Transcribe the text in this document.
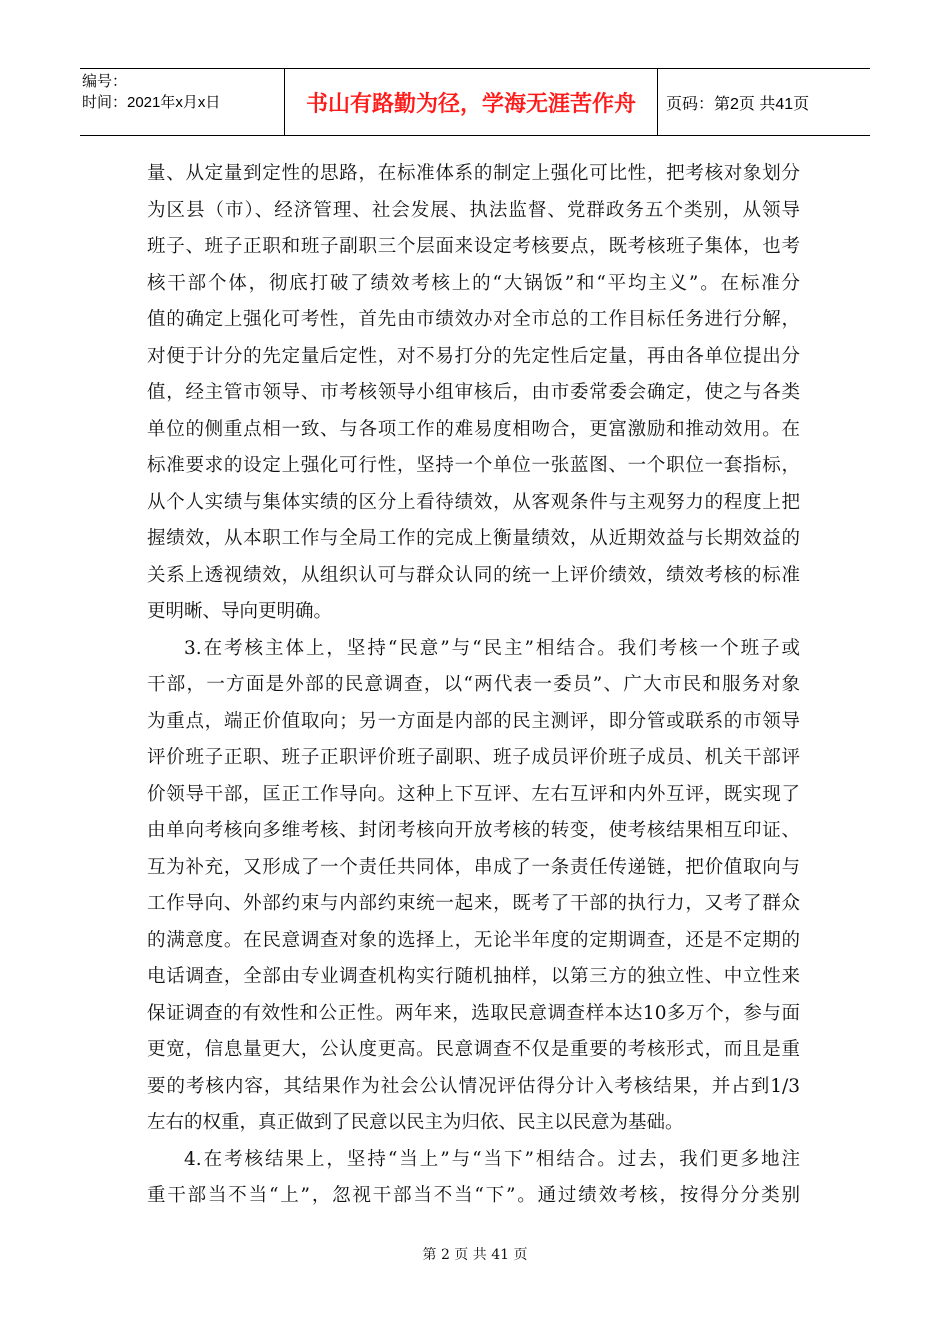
编号：
时间：2021年x月x日	书山有路勤为径，学海无涯苦作舟	页码：第2页 共41页
量、从定量到定性的思路，在标准体系的制定上强化可比性，把考核对象划分
为区县（市）、经济管理、社会发展、执法监督、党群政务五个类别，从领导
班子、班子正职和班子副职三个层面来设定考核要点，既考核班子集体，也考
核干部个体，彻底打破了绩效考核上的“大锅饭”和“平均主义”。在标准分
值的确定上强化可考性，首先由市绩效办对全市总的工作目标任务进行分解，
对便于计分的先定量后定性，对不易打分的先定性后定量，再由各单位提出分
值，经主管市领导、市考核领导小组审核后，由市委常委会确定，使之与各类
单位的侧重点相一致、与各项工作的难易度相吻合，更富激励和推动效用。在
标准要求的设定上强化可行性，坚持一个单位一张蓝图、一个职位一套指标，
从个人实绩与集体实绩的区分上看待绩效，从客观条件与主观努力的程度上把
握绩效，从本职工作与全局工作的完成上衡量绩效，从近期效益与长期效益的
关系上透视绩效，从组织认可与群众认同的统一上评价绩效，绩效考核的标准
更明晰、导向更明确。
3.在考核主体上，坚持“民意”与“民主”相结合。我们考核一个班子或
干部，一方面是外部的民意调查，以“两代表一委员”、广大市民和服务对象
为重点，端正价值取向；另一方面是内部的民主测评，即分管或联系的市领导
评价班子正职、班子正职评价班子副职、班子成员评价班子成员、机关干部评
价领导干部，匡正工作导向。这种上下互评、左右互评和内外互评，既实现了
由单向考核向多维考核、封闭考核向开放考核的转变，使考核结果相互印证、
互为补充，又形成了一个责任共同体，串成了一条责任传递链，把价值取向与
工作导向、外部约束与内部约束统一起来，既考了干部的执行力，又考了群众
的满意度。在民意调查对象的选择上，无论半年度的定期调查，还是不定期的
电话调查，全部由专业调查机构实行随机抽样，以第三方的独立性、中立性来
保证调查的有效性和公正性。两年来，选取民意调查样本达10多万个，参与面
更宽，信息量更大，公认度更高。民意调查不仅是重要的考核形式，而且是重
要的考核内容，其结果作为社会公认情况评估得分计入考核结果，并占到1/3
左右的权重，真正做到了民意以民主为归依、民主以民意为基础。
4.在考核结果上，坚持“当上”与“当下”相结合。过去，我们更多地注
重干部当不当“上”，忽视干部当不当“下”。通过绩效考核，按得分分类别
第 2 页 共 41 页
